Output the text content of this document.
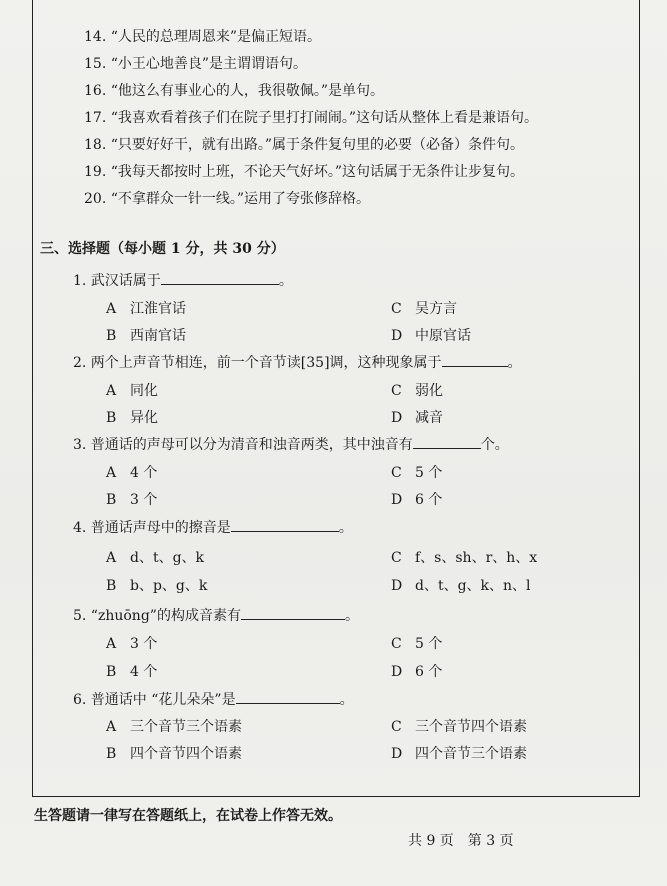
14. “人民的总理周恩来”是偏正短语。
15. “小王心地善良”是主谓谓语句。
16. “他这么有事业心的人，我很敬佩。”是单句。
17. “我喜欢看着孩子们在院子里打打闹闹。”这句话从整体上看是兼语句。
18. “只要好好干，就有出路。”属于条件复句里的必要（必备）条件句。
19. “我每天都按时上班，不论天气好坏。”这句话属于无条件让步复句。
20. “不拿群众一针一线。”运用了夸张修辞格。
三、选择题（每小题 1 分，共 30 分）
1. 武汉话属于	。
A 江淮官话	C 吴方言
B 西南官话	D 中原官话
2. 两个上声音节相连，前一个音节读[35]调，这种现象属于	。
A 同化	C 弱化
B 异化	D 减音
3. 普通话的声母可以分为清音和浊音两类，其中浊音有	个。
A 4 个	C 5 个
B 3 个	D 6 个
4. 普通话声母中的擦音是	。
A d、t、g、k	C f、s、sh、r、h、x
B b、p、g、k	D d、t、g、k、n、l
5. “zhuōng”的构成音素有	。
A 3 个	C 5 个
B 4 个	D 6 个
6. 普通话中 “花儿朵朵”是	。
A 三个音节三个语素	C 三个音节四个语素
B 四个音节四个语素	D 四个音节三个语素
生答题请一律写在答题纸上，在试卷上作答无效。
共 9 页　第 3 页
